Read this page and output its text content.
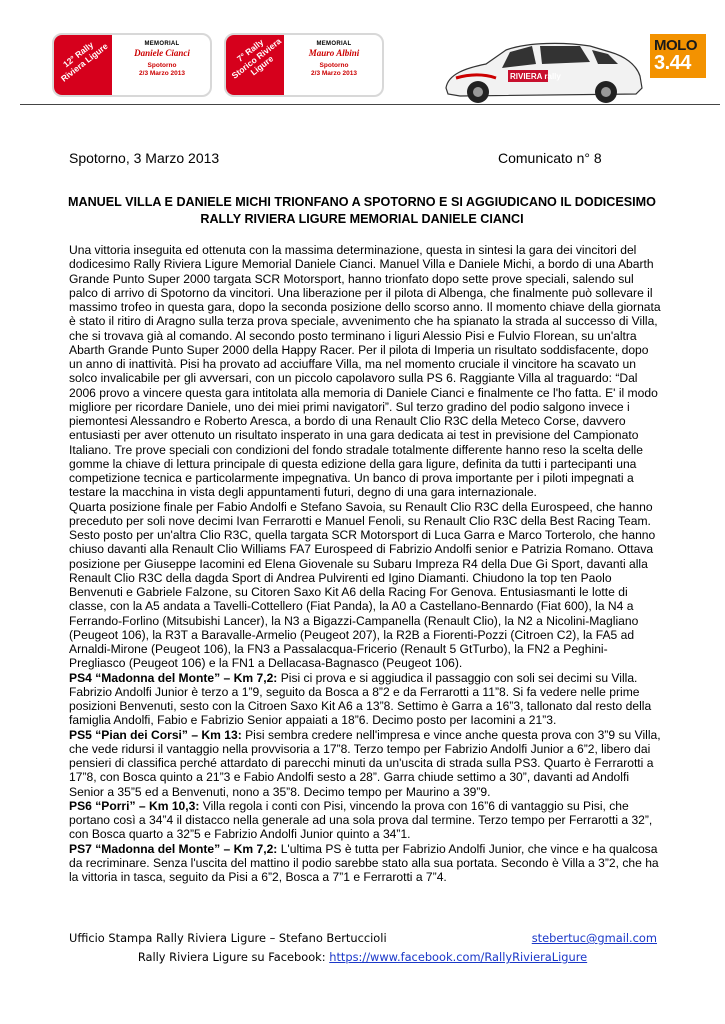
12° Rally Riviera Ligure	MEMORIAL
Daniele Cianci
Spotorno
2/3 Marzo 2013
7° Rally Storico Riviera Ligure
MEMORIAL
Mauro Albini
Spotorno
2/3 Marzo 2013	RIVIERA rally
MOLO
3.44
Spotorno, 3 Marzo 2013	Comunicato n° 8
MANUEL VILLA E DANIELE MICHI TRIONFANO A SPOTORNO E SI AGGIUDICANO IL DODICESIMO RALLY RIVIERA LIGURE MEMORIAL DANIELE CIANCI

Una vittoria inseguita ed ottenuta con la massima determinazione, questa in sintesi la gara dei vincitori del dodicesimo Rally Riviera Ligure Memorial Daniele Cianci. Manuel Villa e Daniele Michi, a bordo di una Abarth Grande Punto Super 2000 targata SCR Motorsport, hanno trionfato dopo sette prove speciali, salendo sul palco di arrivo di Spotorno da vincitori. Una liberazione per il pilota di Albenga, che finalmente può sollevare il massimo trofeo in questa gara, dopo la seconda posizione dello scorso anno. Il momento chiave della giornata è stato il ritiro di Aragno sulla terza prova speciale, avvenimento che ha spianato la strada al successo di Villa, che si trovava già al comando. Al secondo posto terminano i liguri Alessio Pisi e Fulvio Florean, su un'altra Abarth Grande Punto Super 2000 della Happy Racer. Per il pilota di Imperia un risultato soddisfacente, dopo un anno di inattività. Pisi ha provato ad acciuffare Villa, ma nel momento cruciale il vincitore ha scavato un solco invalicabile per gli avversari, con un piccolo capolavoro sulla PS 6. Raggiante Villa al traguardo: “Dal 2006 provo a vincere questa gara intitolata alla memoria di Daniele Cianci e finalmente ce l'ho fatta. E' il modo migliore per ricordare Daniele, uno dei miei primi navigatori”. Sul terzo gradino del podio salgono invece i piemontesi Alessandro e Roberto Aresca, a bordo di una Renault Clio R3C della Meteco Corse, davvero entusiasti per aver ottenuto un risultato insperato in una gara dedicata ai test in previsione del Campionato Italiano. Tre prove speciali con condizioni del fondo stradale totalmente differente hanno reso la scelta delle gomme la chiave di lettura principale di questa edizione della gara ligure, definita da tutti i partecipanti una competizione tecnica e particolarmente impegnativa. Un banco di prova importante per i piloti impegnati a testare la macchina in vista degli appuntamenti futuri, degno di una gara internazionale.

Quarta posizione finale per Fabio Andolfi e Stefano Savoia, su Renault Clio R3C della Eurospeed, che hanno preceduto per soli nove decimi Ivan Ferrarotti e Manuel Fenoli, su Renault Clio R3C della Best Racing Team. Sesto posto per un'altra Clio R3C, quella targata SCR Motorsport di Luca Garra e Marco Torterolo, che hanno chiuso davanti alla Renault Clio Williams FA7 Eurospeed di Fabrizio Andolfi senior e Patrizia Romano. Ottava posizione per Giuseppe Iacomini ed Elena Giovenale su Subaru Impreza R4 della Due Gi Sport, davanti alla Renault Clio R3C della dagda Sport di Andrea Pulvirenti ed Igino Diamanti. Chiudono la top ten Paolo Benvenuti e Gabriele Falzone, su Citoren Saxo Kit A6 della Racing For Genova. Entusiasmanti le lotte di classe, con la A5 andata a Tavelli-Cottellero (Fiat Panda), la A0 a Castellano-Bennardo (Fiat 600), la N4 a Ferrando-Forlino (Mitsubishi Lancer), la N3 a Bigazzi-Campanella (Renault Clio), la N2 a Nicolini-Magliano (Peugeot 106), la R3T a Baravalle-Armelio (Peugeot 207), la R2B a Fiorenti-Pozzi (Citroen C2), la FA5 ad Arnaldi-Mirone (Peugeot 106), la FN3 a Passalacqua-Fricerio (Renault 5 GtTurbo), la FN2 a Peghini-Pregliasco (Peugeot 106) e la FN1 a Dellacasa-Bagnasco (Peugeot 106).

PS4 “Madonna del Monte” – Km 7,2: Pisi ci prova e si aggiudica il passaggio con soli sei decimi su Villa. Fabrizio Andolfi Junior è terzo a 1”9, seguito da Bosca a 8”2 e da Ferrarotti a 11”8. Si fa vedere nelle prime posizioni Benvenuti, sesto con la Citroen Saxo Kit A6 a 13”8. Settimo è Garra a 16”3, tallonato dal resto della famiglia Andolfi, Fabio e Fabrizio Senior appaiati a 18”6. Decimo posto per Iacomini a 21”3.

PS5 “Pian dei Corsi” – Km 13: Pisi sembra credere nell'impresa e vince anche questa prova con 3”9 su Villa, che vede ridursi il vantaggio nella provvisoria a 17”8. Terzo tempo per Fabrizio Andolfi Junior a 6”2, libero dai pensieri di classifica perché attardato di parecchi minuti da un'uscita di strada sulla PS3. Quarto è Ferrarotti a 17”8, con Bosca quinto a 21”3 e Fabio Andolfi sesto a 28”. Garra chiude settimo a 30”, davanti ad Andolfi Senior a 35”5 ed a Benvenuti, nono a 35”8. Decimo tempo per Maurino a 39”9.

PS6 “Porri” – Km 10,3: Villa regola i conti con Pisi, vincendo la prova con 16”6 di vantaggio su Pisi, che portano così a 34”4 il distacco nella generale ad una sola prova dal termine. Terzo tempo per Ferrarotti a 32”, con Bosca quarto a 32”5 e Fabrizio Andolfi Junior quinto a 34”1.

PS7 “Madonna del Monte” – Km 7,2: L'ultima PS è tutta per Fabrizio Andolfi Junior, che vince e ha qualcosa da recriminare. Senza l'uscita del mattino il podio sarebbe stato alla sua portata. Secondo è Villa a 3”2, che ha la vittoria in tasca, seguito da Pisi a 6”2, Bosca a 7”1 e Ferrarotti a 7”4.

Ufficio Stampa Rally Riviera Ligure – Stefano Bertuccioli	stebertuc@gmail.com
Rally Riviera Ligure su Facebook: https://www.facebook.com/RallyRivieraLigure
